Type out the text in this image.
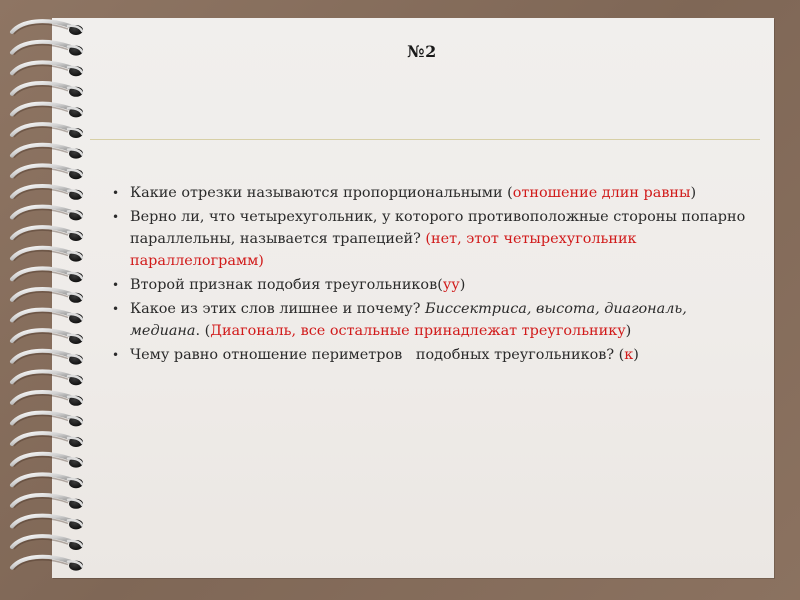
№2
• Какие отрезки называются пропорциональными (отношение длин равны)
• Верно ли, что четырехугольник, у которого противоположные стороны попарно параллельны, называется трапецией? (нет, этот четырехугольник параллелограмм)
• Второй признак подобия треугольников(уу)
• Какое из этих слов лишнее и почему? Биссектриса, высота, диагональ, медиана. (Диагональ, все остальные принадлежат треугольнику)
• Чему равно отношение периметров   подобных треугольников? (к)
